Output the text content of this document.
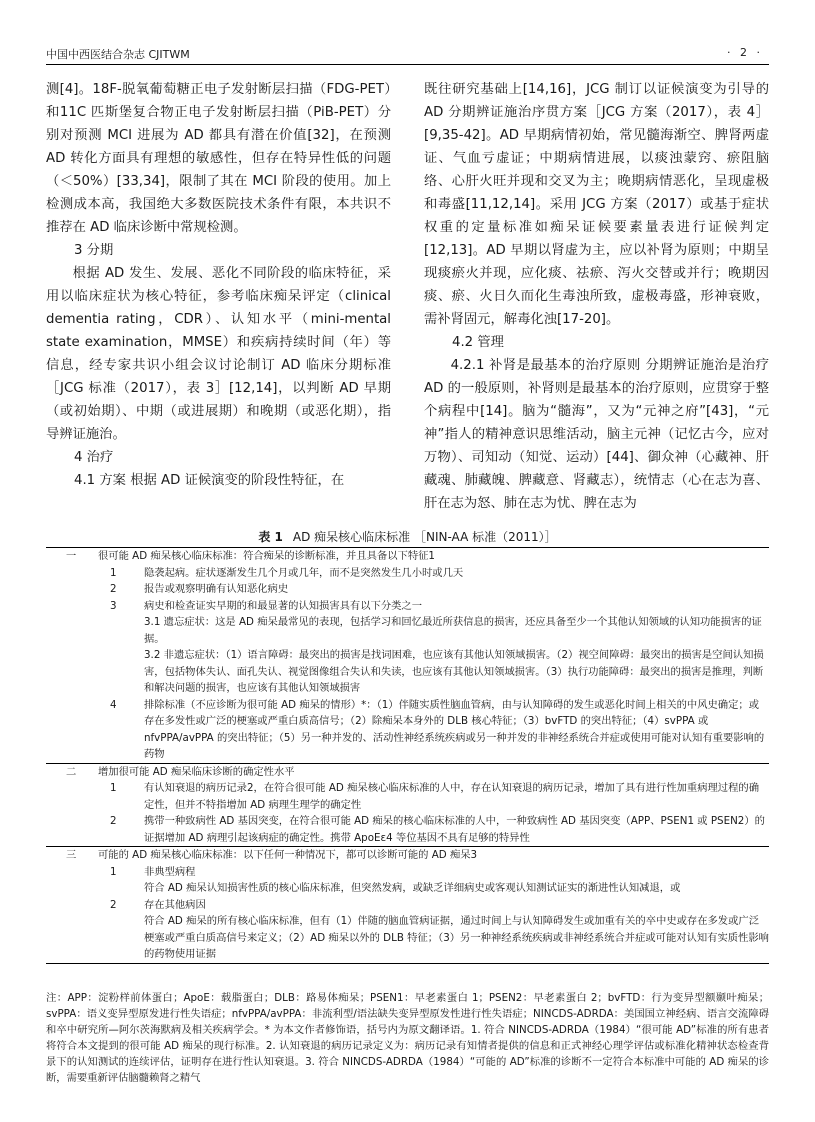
中国中西医结合杂志 CJITWM	· 2 ·

测[4]。18F-脱氧葡萄糖正电子发射断层扫描（FDG-PET）和11C 匹斯堡复合物正电子发射断层扫描（PiB-PET）分别对预测 MCI 进展为 AD 都具有潜在价值[32]，在预测 AD 转化方面具有理想的敏感性，但存在特异性低的问题（＜50%）[33,34]，限制了其在 MCI 阶段的使用。加上检测成本高，我国绝大多数医院技术条件有限，本共识不推荐在 AD 临床诊断中常规检测。

3 分期

根据 AD 发生、发展、恶化不同阶段的临床特征，采用以临床症状为核心特征，参考临床痴呆评定（clinical dementia rating，CDR）、认知水平（mini-mental state examination，MMSE）和疾病持续时间（年）等信息，经专家共识小组会议讨论制订 AD 临床分期标准［JCG 标准（2017），表 3］[12,14]，以判断 AD 早期（或初始期）、中期（或进展期）和晚期（或恶化期），指导辨证施治。

4 治疗

4.1 方案 根据 AD 证候演变的阶段性特征，在

既往研究基础上[14,16]，JCG 制订以证候演变为引导的 AD 分期辨证施治序贯方案［JCG 方案（2017），表 4］[9,35-42]。AD 早期病情初始，常见髓海渐空、脾肾两虚证、气血亏虚证；中期病情进展，以痰浊蒙窍、瘀阻脑络、心肝火旺并现和交叉为主；晚期病情恶化，呈现虚极和毒盛[11,12,14]。采用 JCG 方案（2017）或基于症状权重的定量标准如痴呆证候要素量表进行证候判定[12,13]。AD 早期以肾虚为主，应以补肾为原则；中期呈现痰瘀火并现，应化痰、祛瘀、泻火交替或并行；晚期因痰、瘀、火日久而化生毒浊所致，虚极毒盛，形神衰败，需补肾固元，解毒化浊[17-20]。

4.2 管理

4.2.1 补肾是最基本的治疗原则 分期辨证施治是治疗 AD 的一般原则，补肾则是最基本的治疗原则，应贯穿于整个病程中[14]。脑为“髓海”，又为“元神之府”[43]，“元神”指人的精神意识思维活动，脑主元神（记忆古今，应对万物）、司知动（知觉、运动）[44]、御众神（心藏神、肝藏魂、肺藏魄、脾藏意、肾藏志），统情志（心在志为喜、肝在志为怒、肺在志为忧、脾在志为

表 1 AD 痴呆核心临床标准 ［NIN-AA 标准（2011）］
一 很可能 AD 痴呆核心临床标准：符合痴呆的诊断标准，并且具备以下特征1
1	隐袭起病。症状逐渐发生几个月或几年，而不是突然发生几小时或几天
2	报告或观察明确有认知恶化病史
3	病史和检查证实早期的和最显著的认知损害具有以下分类之一
3.1 遗忘症状：这是 AD 痴呆最常见的表现，包括学习和回忆最近所获信息的损害，还应具备至少一个其他认知领域的认知功能损害的证据。
3.2 非遗忘症状：（1）语言障碍：最突出的损害是找词困难，也应该有其他认知领域损害。（2）视空间障碍：最突出的损害是空间认知损害，包括物体失认、面孔失认、视觉图像组合失认和失读，也应该有其他认知领域损害。（3）执行功能障碍：最突出的损害是推理，判断和解决问题的损害，也应该有其他认知领域损害
4	排除标准（不应诊断为很可能 AD 痴呆的情形）*：（1）伴随实质性脑血管病，由与认知障碍的发生或恶化时间上相关的中风史确定；或存在多发性或广泛的梗塞或严重白质高信号；（2）除痴呆本身外的 DLB 核心特征；（3）bvFTD 的突出特征；（4）svPPA 或 nfvPPA/avPPA 的突出特征；（5）另一种并发的、活动性神经系统疾病或另一种并发的非神经系统合并症或使用可能对认知有重要影响的药物
二 增加很可能 AD 痴呆临床诊断的确定性水平
1	有认知衰退的病历记录2，在符合很可能 AD 痴呆核心临床标准的人中，存在认知衰退的病历记录，增加了具有进行性加重病理过程的确定性，但并不特指增加 AD 病理生理学的确定性
2	携带一种致病性 AD 基因突变，在符合很可能 AD 痴呆的核心临床标准的人中，一种致病性 AD 基因突变（APP、PSEN1 或 PSEN2）的证据增加 AD 病理引起该病症的确定性。携带 ApoEε4 等位基因不具有足够的特异性
三 可能的 AD 痴呆核心临床标准：以下任何一种情况下，都可以诊断可能的 AD 痴呆3
1	非典型病程
符合 AD 痴呆认知损害性质的核心临床标准，但突然发病，或缺乏详细病史或客观认知测试证实的渐进性认知减退，或
2	存在其他病因
符合 AD 痴呆的所有核心临床标准，但有（1）伴随的脑血管病证据，通过时间上与认知障碍发生或加重有关的卒中史或存在多发或广泛梗塞或严重白质高信号来定义；（2）AD 痴呆以外的 DLB 特征；（3）另一种神经系统疾病或非神经系统合并症或可能对认知有实质性影响的药物使用证据

注：APP：淀粉样前体蛋白；ApoE：载脂蛋白；DLB：路易体痴呆；PSEN1：早老素蛋白 1；PSEN2：早老素蛋白 2；bvFTD：行为变异型额颞叶痴呆；svPPA：语义变异型原发进行性失语症；nfvPPA/avPPA：非流利型/语法缺失变异型原发性进行性失语症；NINCDS-ADRDA：美国国立神经病、语言交流障碍和卒中研究所—阿尔茨海默病及相关疾病学会。* 为本文作者修饰语，括号内为原文翻译语。1. 符合 NINCDS-ADRDA（1984）“很可能 AD”标准的所有患者将符合本文提到的很可能 AD 痴呆的现行标准。2. 认知衰退的病历记录定义为：病历记录有知情者提供的信息和正式神经心理学评估或标准化精神状态检查背景下的认知测试的连续评估，证明存在进行性认知衰退。3. 符合 NINCDS-ADRDA（1984）“可能的 AD”标准的诊断不一定符合本标准中可能的 AD 痴呆的诊断，需要重新评估脑髓赖肾之精气
